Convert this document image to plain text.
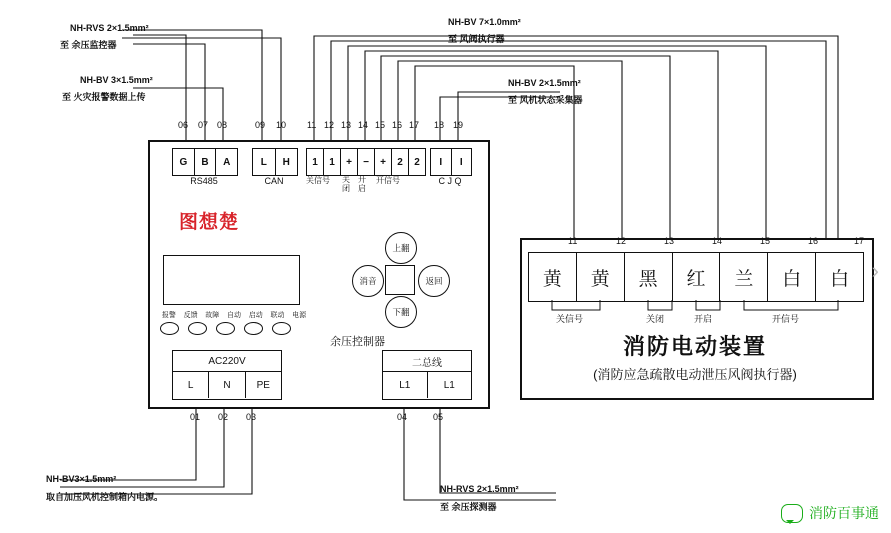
NH-RVS 2×1.5mm²
至 余压监控器
NH-BV 3×1.5mm²
至 火灾报警数据上传
NH-BV 7×1.0mm²
至 风阀执行器
NH-BV 2×1.5mm²
至 风机状态采集器
06 07 08	09 10 11 12 13 14 15 16 17 18 19
G	B	A
RS485
L	H
CAN
1	1	+	−	+	2	2
关信号 关闭
开启
开信号
I	I
C J Q
图想楚
报警 反馈 故障 自动 启动 联动 电源
消音	返回
上翻
下翻
余压控制器
AC220V
L	N	PE
01 02 03
二总线
L1	L1
04	05
NH-BV3×1.5mm²
取自加压风机控制箱内电源。
NH-RVS 2×1.5mm²
至 余压探测器
11	12	13	14	15	16	17
黄	黄	黑	红	兰	白	白
关信号	关闭	开启	开信号
消防电动装置
(消防应急疏散电动泄压风阀执行器)
›
消防百事通
